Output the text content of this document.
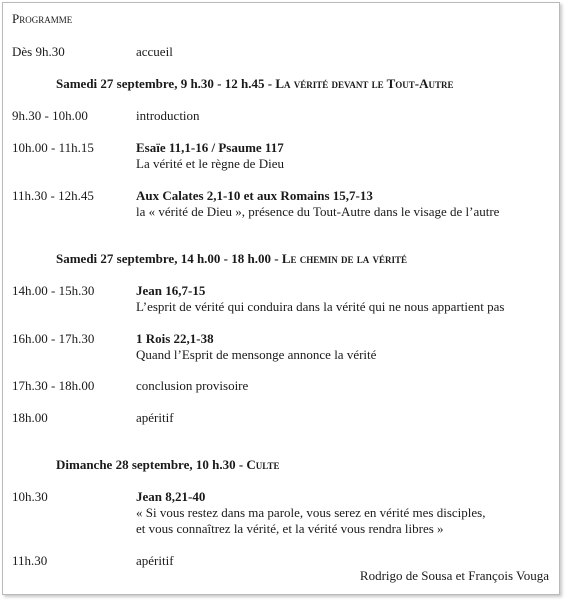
Programme
Dès 9h.30	accueil
Samedi 27 septembre, 9 h.30 - 12 h.45 - La vérité devant le Tout-Autre
9h.30 - 10h.00	introduction
10h.00 - 11h.15	Esaïe 11,1-16 / Psaume 117
La vérité et le règne de Dieu
11h.30 - 12h.45	Aux Calates 2,1-10 et aux Romains 15,7-13
la « vérité de Dieu », présence du Tout-Autre dans le visage de l’autre
Samedi 27 septembre, 14 h.00 - 18 h.00 - Le chemin de la vérité
14h.00 - 15h.30	Jean 16,7-15
L’esprit de vérité qui conduira dans la vérité qui ne nous appartient pas
16h.00 - 17h.30	1 Rois 22,1-38
Quand l’Esprit de mensonge annonce la vérité
17h.30 - 18h.00	conclusion provisoire
18h.00	apéritif
Dimanche 28 septembre, 10 h.30 - Culte
10h.30	Jean 8,21-40
« Si vous restez dans ma parole, vous serez en vérité mes disciples,
et vous connaîtrez la vérité, et la vérité vous rendra libres »
11h.30	apéritif
Rodrigo de Sousa et François Vouga
